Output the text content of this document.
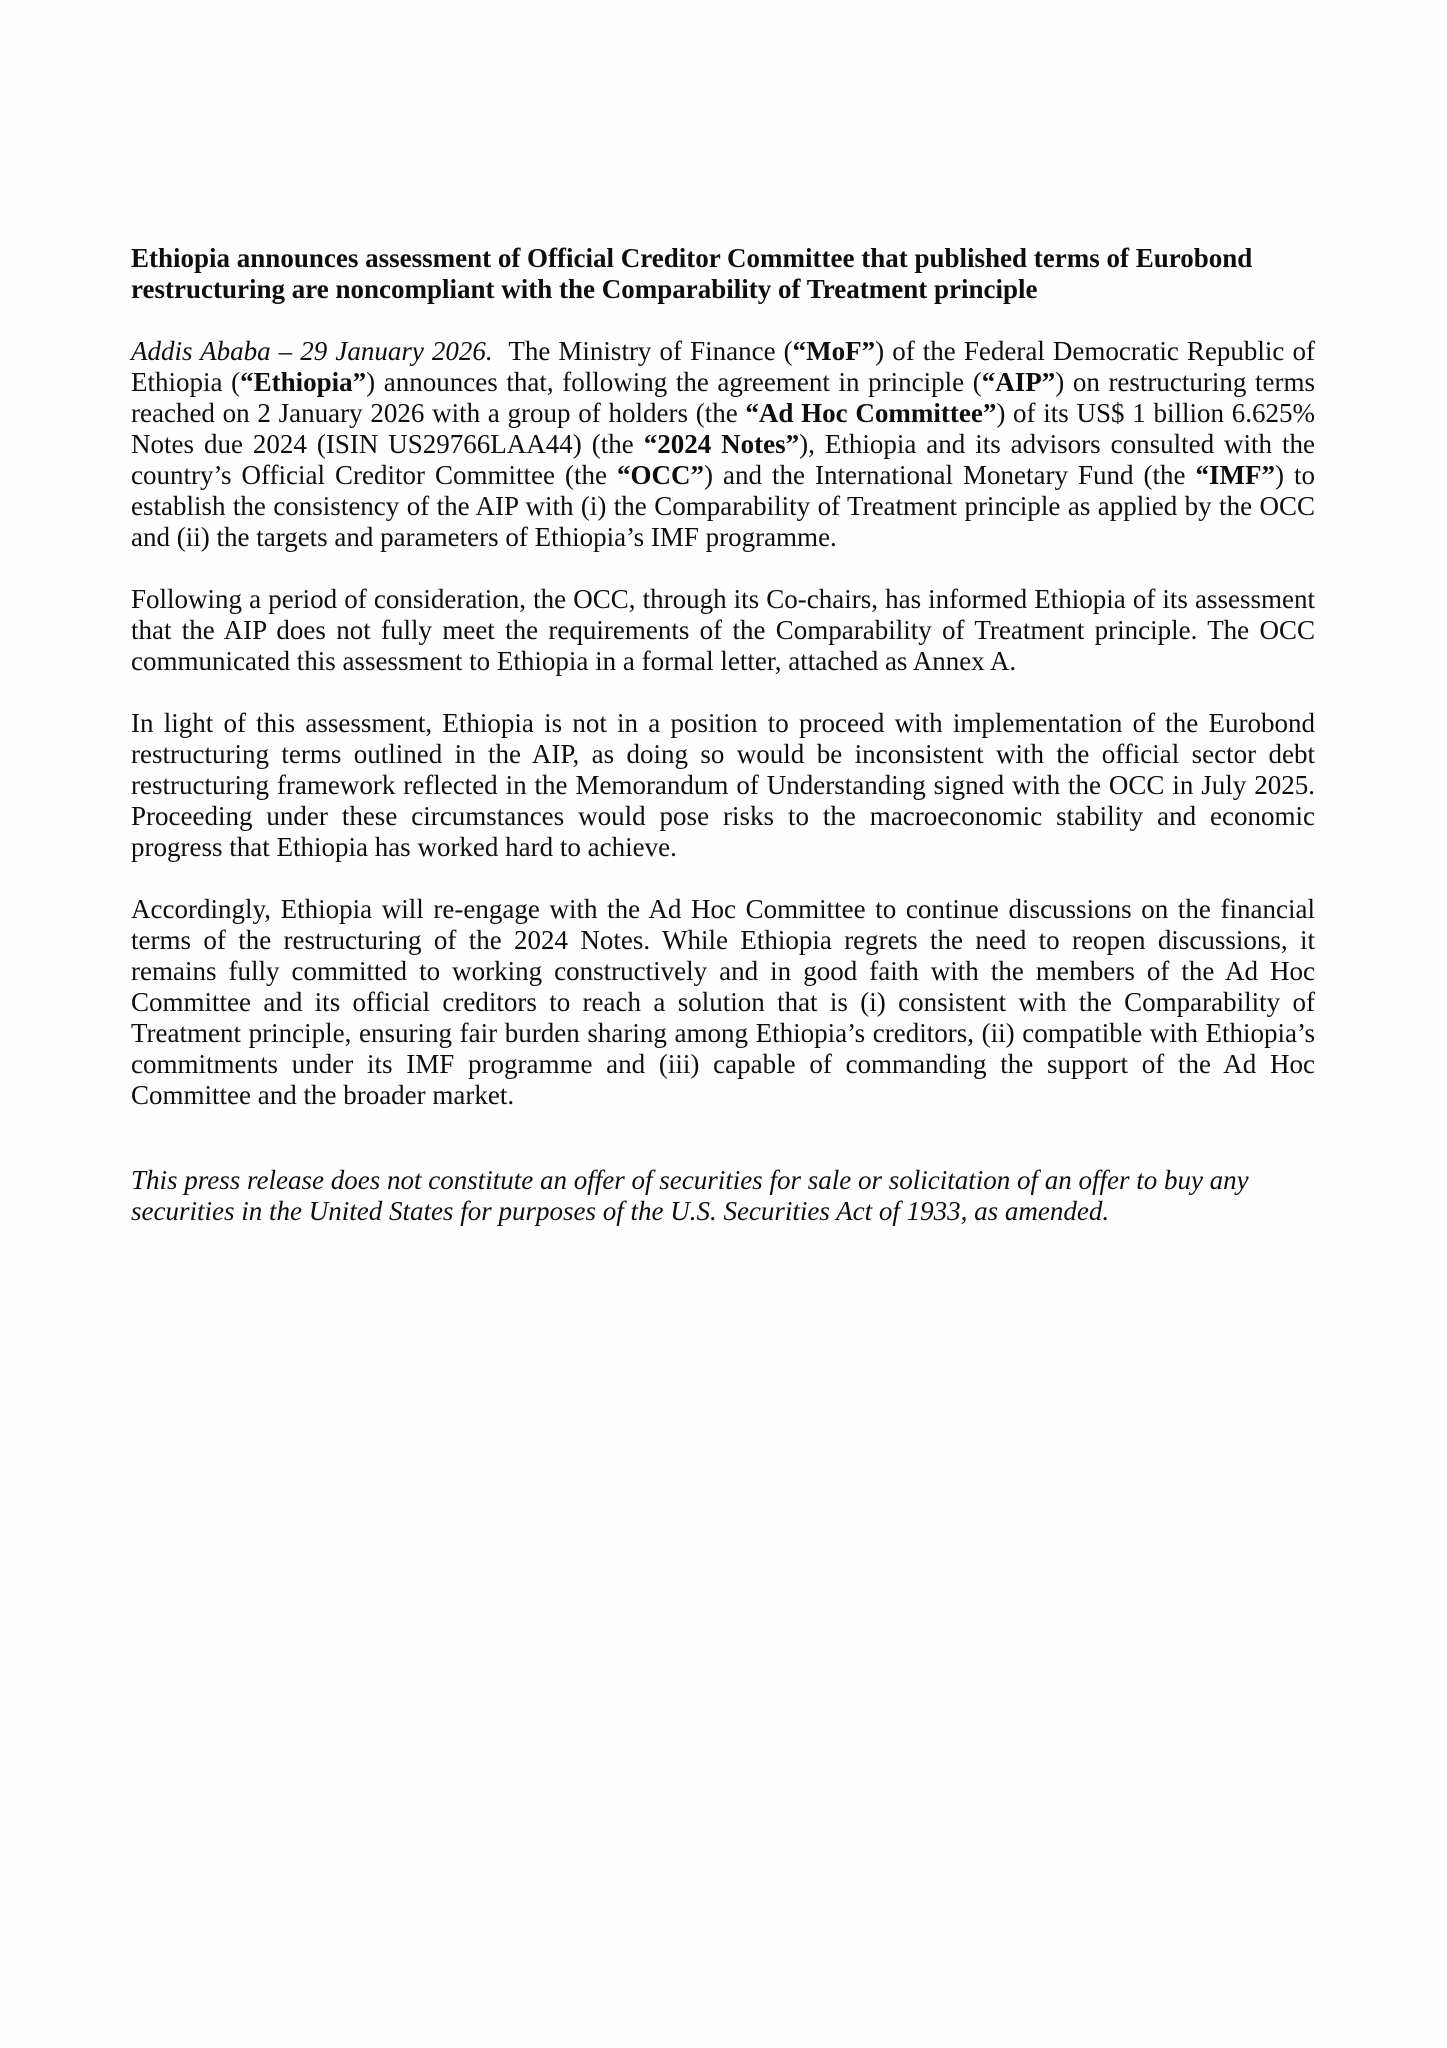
Ethiopia announces assessment of Official Creditor Committee that published terms of Eurobond restructuring are noncompliant with the Comparability of Treatment principle

Addis Ababa – 29 January 2026.  The Ministry of Finance (“MoF”) of the Federal Democratic Republic of Ethiopia (“Ethiopia”) announces that, following the agreement in principle (“AIP”) on restructuring terms reached on 2 January 2026 with a group of holders (the “Ad Hoc Committee”) of its US$ 1 billion 6.625% Notes due 2024 (ISIN US29766LAA44) (the “2024 Notes”), Ethiopia and its advisors consulted with the country’s Official Creditor Committee (the “OCC”) and the International Monetary Fund (the “IMF”) to establish the consistency of the AIP with (i) the Comparability of Treatment principle as applied by the OCC and (ii) the targets and parameters of Ethiopia’s IMF programme.

Following a period of consideration, the OCC, through its Co-chairs, has informed Ethiopia of its assessment that the AIP does not fully meet the requirements of the Comparability of Treatment principle. The OCC communicated this assessment to Ethiopia in a formal letter, attached as Annex A.

In light of this assessment, Ethiopia is not in a position to proceed with implementation of the Eurobond restructuring terms outlined in the AIP, as doing so would be inconsistent with the official sector debt restructuring framework reflected in the Memorandum of Understanding signed with the OCC in July 2025. Proceeding under these circumstances would pose risks to the macroeconomic stability and economic progress that Ethiopia has worked hard to achieve.

Accordingly, Ethiopia will re-engage with the Ad Hoc Committee to continue discussions on the financial terms of the restructuring of the 2024 Notes. While Ethiopia regrets the need to reopen discussions, it remains fully committed to working constructively and in good faith with the members of the Ad Hoc Committee and its official creditors to reach a solution that is (i) consistent with the Comparability of Treatment principle, ensuring fair burden sharing among Ethiopia’s creditors, (ii) compatible with Ethiopia’s commitments under its IMF programme and (iii) capable of commanding the support of the Ad Hoc Committee and the broader market.

This press release does not constitute an offer of securities for sale or solicitation of an offer to buy any securities in the United States for purposes of the U.S. Securities Act of 1933, as amended.
